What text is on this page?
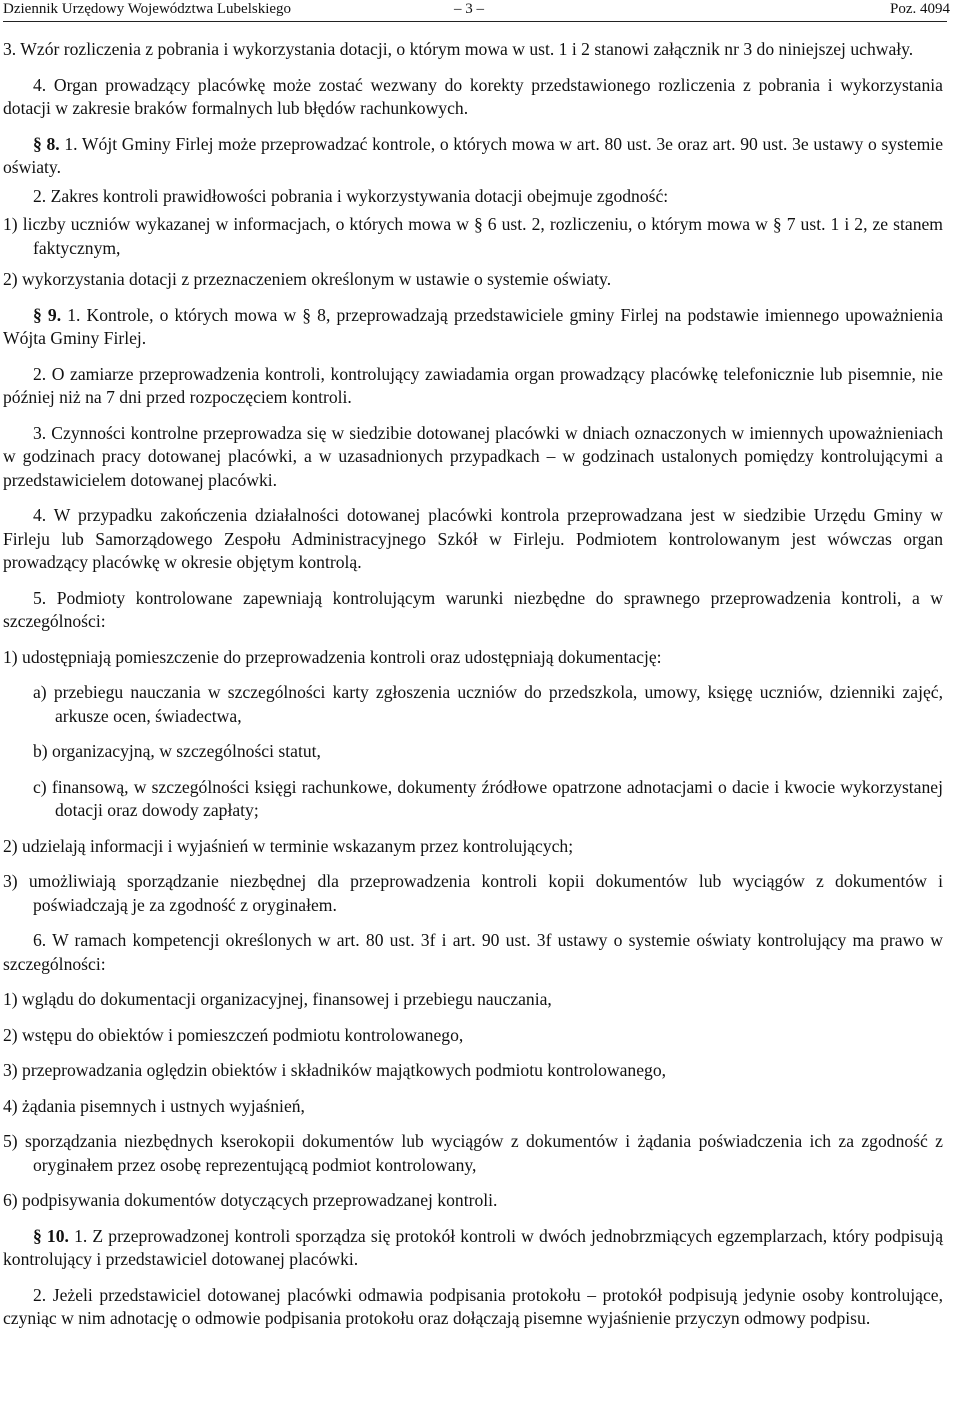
Dziennik Urzędowy Województwa Lubelskiego	– 3 –	Poz. 4094

3. Wzór rozliczenia z pobrania i wykorzystania dotacji, o którym mowa w ust. 1 i 2 stanowi załącznik nr 3 do niniejszej uchwały.

4. Organ prowadzący placówkę może zostać wezwany do korekty przedstawionego rozliczenia z pobrania i wykorzystania dotacji w zakresie braków formalnych lub błędów rachunkowych.

§ 8. 1. Wójt Gminy Firlej może przeprowadzać kontrole, o których mowa w art. 80 ust. 3e oraz art. 90 ust. 3e ustawy o systemie oświaty.

2. Zakres kontroli prawidłowości pobrania i wykorzystywania dotacji obejmuje zgodność:

1) liczby uczniów wykazanej w informacjach, o których mowa w § 6 ust. 2, rozliczeniu, o którym mowa w § 7 ust. 1 i 2, ze stanem faktycznym,
2) wykorzystania dotacji z przeznaczeniem określonym w ustawie o systemie oświaty.

§ 9. 1. Kontrole, o których mowa w § 8, przeprowadzają przedstawiciele gminy Firlej na podstawie imiennego upoważnienia Wójta Gminy Firlej.

2. O zamiarze przeprowadzenia kontroli, kontrolujący zawiadamia organ prowadzący placówkę telefonicznie lub pisemnie, nie później niż na 7 dni przed rozpoczęciem kontroli.

3. Czynności kontrolne przeprowadza się w siedzibie dotowanej placówki w dniach oznaczonych w imiennych upoważnieniach w godzinach pracy dotowanej placówki, a w uzasadnionych przypadkach – w godzinach ustalonych pomiędzy kontrolującymi a przedstawicielem dotowanej placówki.

4. W przypadku zakończenia działalności dotowanej placówki kontrola przeprowadzana jest w siedzibie Urzędu Gminy w Firleju lub Samorządowego Zespołu Administracyjnego Szkół w Firleju. Podmiotem kontrolowanym jest wówczas organ prowadzący placówkę w okresie objętym kontrolą.

5. Podmioty kontrolowane zapewniają kontrolującym warunki niezbędne do sprawnego przeprowadzenia kontroli, a w szczególności:

1) udostępniają pomieszczenie do przeprowadzenia kontroli oraz udostępniają dokumentację:
a) przebiegu nauczania w szczególności karty zgłoszenia uczniów do przedszkola, umowy, księgę uczniów, dzienniki zajęć, arkusze ocen, świadectwa,
b) organizacyjną, w szczególności statut,
c) finansową, w szczególności księgi rachunkowe, dokumenty źródłowe opatrzone adnotacjami o dacie i kwocie wykorzystanej dotacji oraz dowody zapłaty;
2) udzielają informacji i wyjaśnień w terminie wskazanym przez kontrolujących;
3) umożliwiają sporządzanie niezbędnej dla przeprowadzenia kontroli kopii dokumentów lub wyciągów z dokumentów i poświadczają je za zgodność z oryginałem.

6. W ramach kompetencji określonych w art. 80 ust. 3f i art. 90 ust. 3f ustawy o systemie oświaty kontrolujący ma prawo w szczególności:

1) wglądu do dokumentacji organizacyjnej, finansowej i przebiegu nauczania,
2) wstępu do obiektów i pomieszczeń podmiotu kontrolowanego,
3) przeprowadzania oględzin obiektów i składników majątkowych podmiotu kontrolowanego,
4) żądania pisemnych i ustnych wyjaśnień,
5) sporządzania niezbędnych kserokopii dokumentów lub wyciągów z dokumentów i żądania poświadczenia ich za zgodność z oryginałem przez osobę reprezentującą podmiot kontrolowany,
6) podpisywania dokumentów dotyczących przeprowadzanej kontroli.

§ 10. 1. Z przeprowadzonej kontroli sporządza się protokół kontroli w dwóch jednobrzmiących egzemplarzach, który podpisują kontrolujący i przedstawiciel dotowanej placówki.

2. Jeżeli przedstawiciel dotowanej placówki odmawia podpisania protokołu – protokół podpisują jedynie osoby kontrolujące, czyniąc w nim adnotację o odmowie podpisania protokołu oraz dołączają pisemne wyjaśnienie przyczyn odmowy podpisu.
